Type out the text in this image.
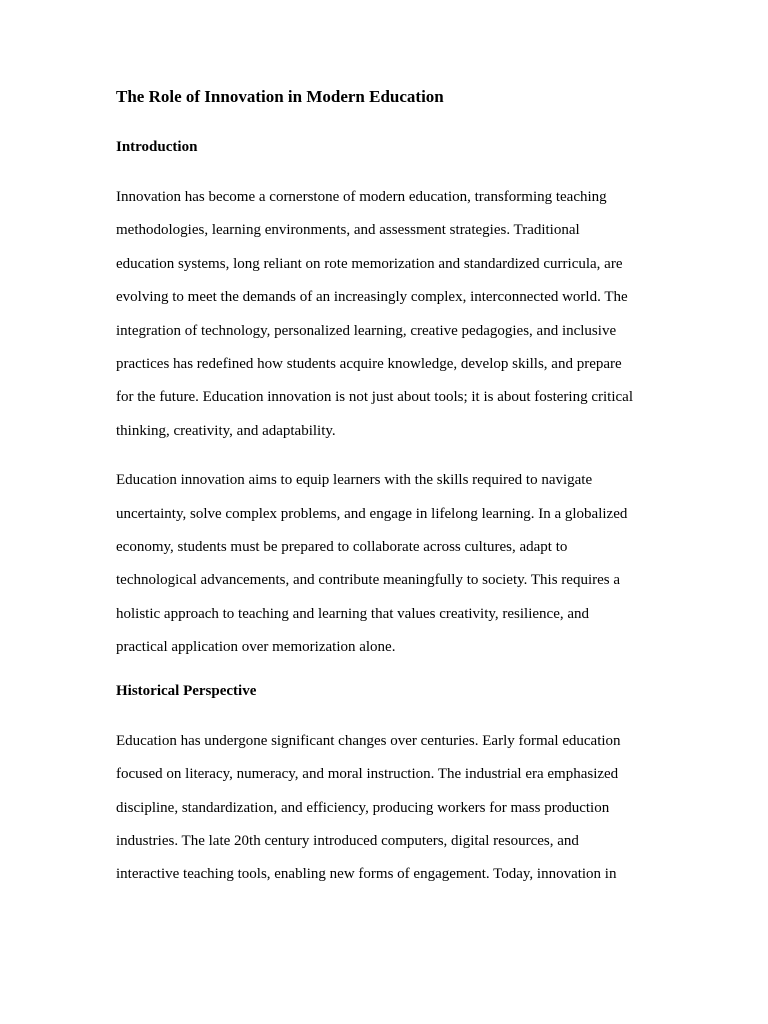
The Role of Innovation in Modern Education
Introduction

Innovation has become a cornerstone of modern education, transforming teaching
methodologies, learning environments, and assessment strategies. Traditional
education systems, long reliant on rote memorization and standardized curricula, are
evolving to meet the demands of an increasingly complex, interconnected world. The
integration of technology, personalized learning, creative pedagogies, and inclusive
practices has redefined how students acquire knowledge, develop skills, and prepare
for the future. Education innovation is not just about tools; it is about fostering critical
thinking, creativity, and adaptability.

Education innovation aims to equip learners with the skills required to navigate
uncertainty, solve complex problems, and engage in lifelong learning. In a globalized
economy, students must be prepared to collaborate across cultures, adapt to
technological advancements, and contribute meaningfully to society. This requires a
holistic approach to teaching and learning that values creativity, resilience, and
practical application over memorization alone.

Historical Perspective

Education has undergone significant changes over centuries. Early formal education
focused on literacy, numeracy, and moral instruction. The industrial era emphasized
discipline, standardization, and efficiency, producing workers for mass production
industries. The late 20th century introduced computers, digital resources, and
interactive teaching tools, enabling new forms of engagement. Today, innovation in
